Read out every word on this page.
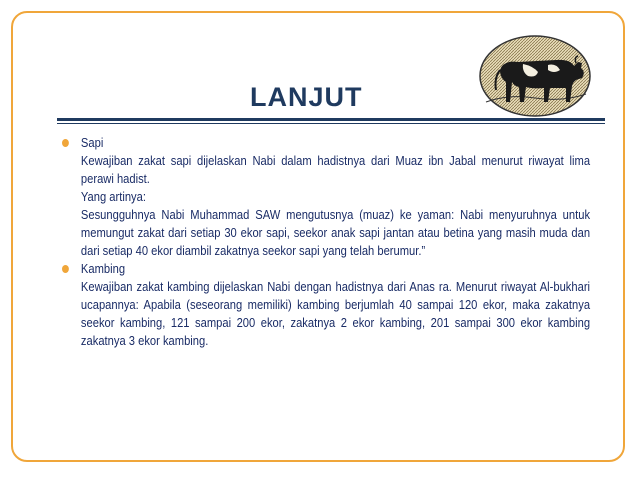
LANJUT
Sapi
Kewajiban zakat sapi dijelaskan Nabi dalam hadistnya dari Muaz ibn Jabal menurut riwayat lima perawi hadist.
Yang artinya:
Sesungguhnya Nabi Muhammad SAW mengutusnya (muaz) ke yaman: Nabi menyuruhnya untuk memungut zakat dari setiap 30 ekor sapi, seekor anak sapi jantan atau betina yang masih muda dan dari setiap 40 ekor diambil zakatnya seekor sapi yang telah berumur.”
Kambing
Kewajiban zakat kambing dijelaskan Nabi dengan hadistnya dari Anas ra. Menurut riwayat Al-bukhari ucapannya: Apabila (seseorang memiliki) kambing berjumlah 40 sampai 120 ekor, maka zakatnya seekor kambing, 121 sampai 200 ekor, zakatnya 2 ekor kambing, 201 sampai 300 ekor kambing zakatnya 3 ekor kambing.
